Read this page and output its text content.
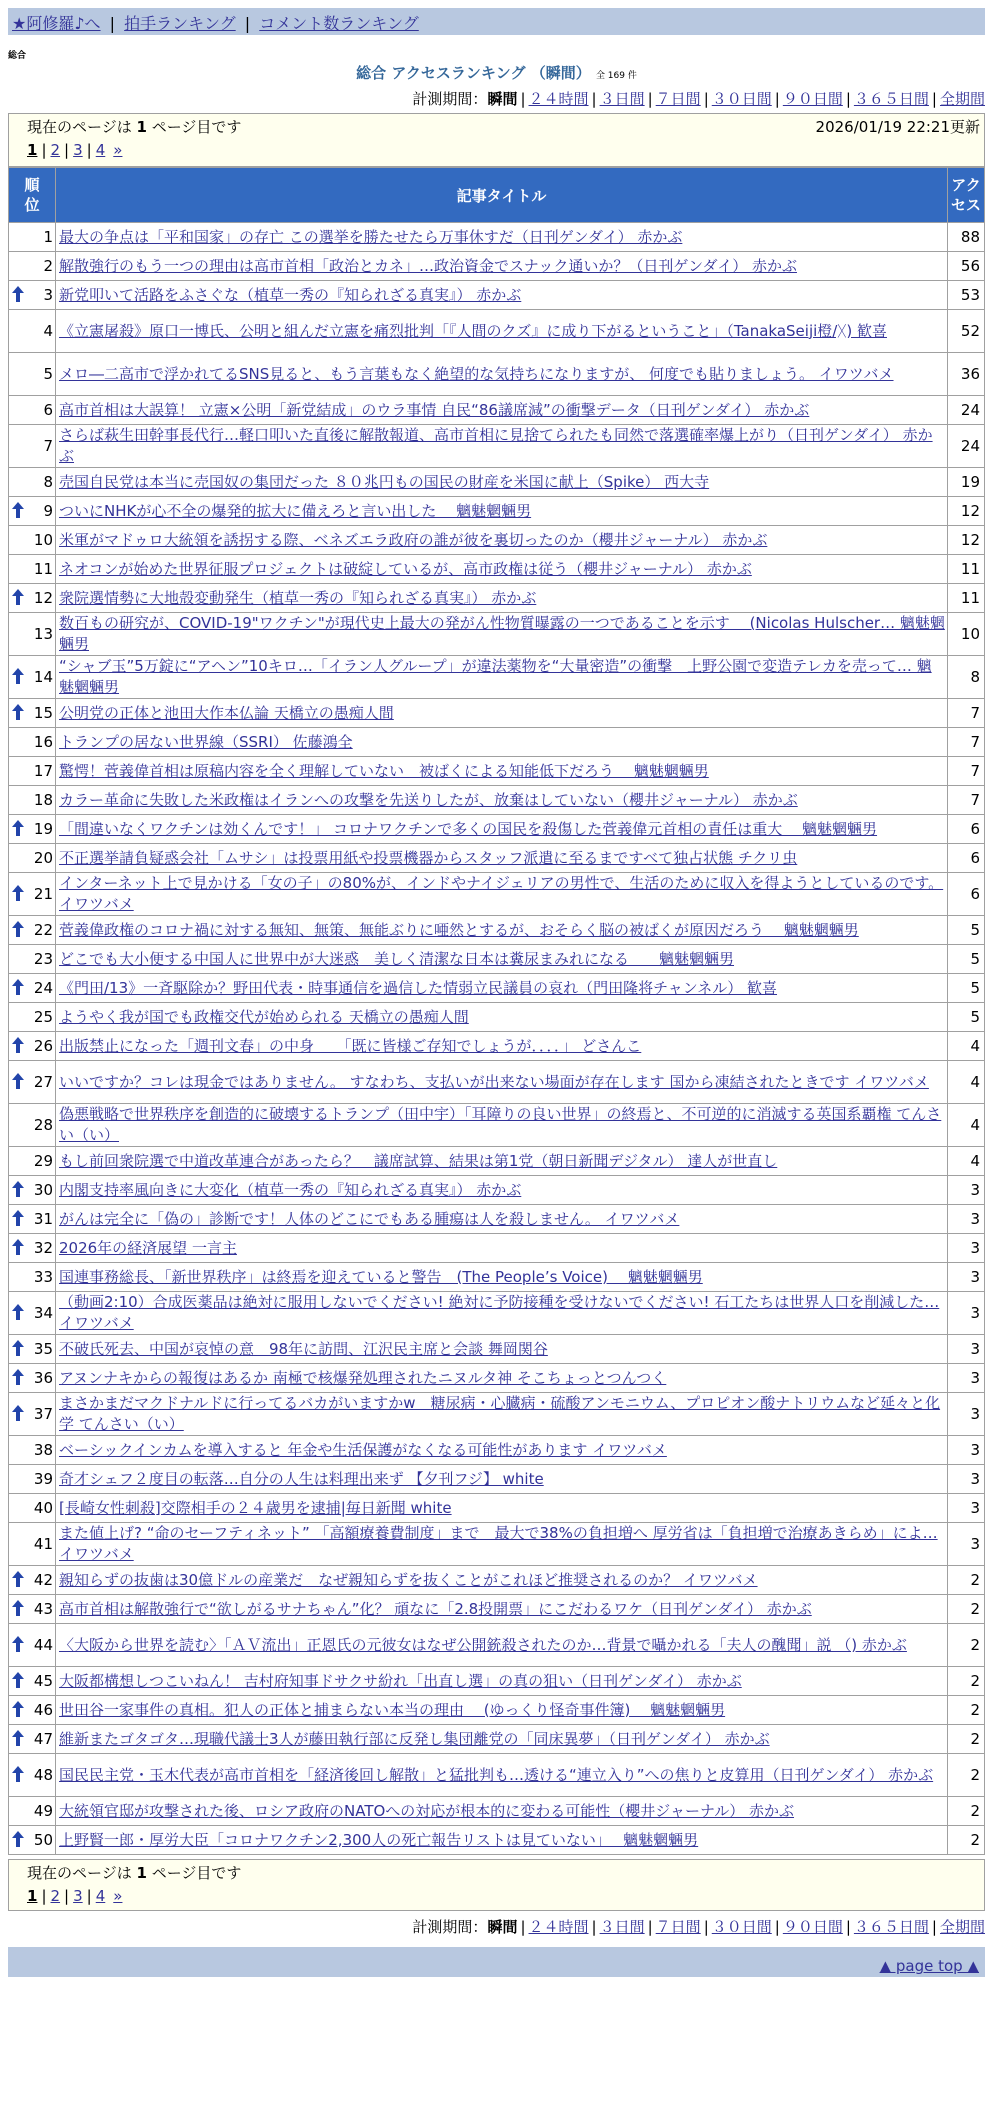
★阿修羅♪へ | 拍手ランキング | コメント数ランキング
総合
総合 アクセスランキング （瞬間） 全 169 件
計測期間：瞬間 | ２４時間 | ３日間 | ７日間 | ３０日間 | ９０日間 | ３６５日間 | 全期間
現在のページは 1 ページ目です	2026/01/19 22:21更新
1 | 2 | 3 | 4 »
順位	記事タイトル	アクセス
1	最大の争点は「平和国家」の存亡 この選挙を勝たせたら万事休すだ（日刊ゲンダイ） 赤かぶ	88
2	解散強行のもう一つの理由は高市首相「政治とカネ」…政治資金でスナック通いか？（日刊ゲンダイ） 赤かぶ	56

3	新党叩いて活路をふさぐな（植草一秀の『知られざる真実』） 赤かぶ	53
4	《立憲屠殺》原口一博氏、公明と組んだ立憲を痛烈批判「『人間のクズ』に成り下がるということ」（TanakaSeiji橙/ᚷ) 歓喜	52
5	メロ―二高市で浮かれてるSNS見ると、もう言葉もなく絶望的な気持ちになりますが、 何度でも貼りましょう。 イワツバメ	36
6	高市首相は大誤算！ 立憲×公明「新党結成」のウラ事情 自民“86議席減”の衝撃データ（日刊ゲンダイ） 赤かぶ	24
7	さらば萩生田幹事長代行…軽口叩いた直後に解散報道、高市首相に見捨てられたも同然で落選確率爆上がり（日刊ゲンダイ） 赤かぶ	24
8	売国自民党は本当に売国奴の集団だった ８０兆円もの国民の財産を米国に献上（Spike） 西大寺	19

9	ついにNHKが心不全の爆発的拡大に備えろと言い出した　 魑魅魍魎男	12
10	米軍がマドゥロ大統領を誘拐する際、ベネズエラ政府の誰が彼を裏切ったのか（櫻井ジャーナル） 赤かぶ	12
11	ネオコンが始めた世界征服プロジェクトは破綻しているが、高市政権は従う（櫻井ジャーナル） 赤かぶ	11

12	衆院選情勢に大地殻変動発生（植草一秀の『知られざる真実』） 赤かぶ	11
13	数百もの研究が、COVID-19"ワクチン"が現代史上最大の発がん性物質曝露の一つであることを示す　 (Nicolas Hulscher… 魑魅魍魎男	10

14	“シャブ玉”5万錠に“アヘン”10キロ…「イラン人グループ」が違法薬物を“大量密造”の衝撃　上野公園で変造テレカを売って… 魑魅魍魎男	8

15	公明党の正体と池田大作本仏論 天橋立の愚痴人間	7
16	トランプの居ない世界線（SSRI） 佐藤鴻全	7
17	驚愕！菅義偉首相は原稿内容を全く理解していない　被ばくによる知能低下だろう　 魑魅魍魎男	7
18	カラー革命に失敗した米政権はイランへの攻撃を先送りしたが、放棄はしていない（櫻井ジャーナル） 赤かぶ	7

19	「間違いなくワクチンは効くんです！」 コロナワクチンで多くの国民を殺傷した菅義偉元首相の責任は重大　 魑魅魍魎男	6
20	不正選挙請負疑惑会社「ムサシ」は投票用紙や投票機器からスタッフ派遣に至るまですべて独占状態 チクリ虫	6

21	インターネット上で見かける「女の子」の80%が、インドやナイジェリアの男性で、生活のために収入を得ようとしているのです。 イワツバメ	6

22	菅義偉政権のコロナ禍に対する無知、無策、無能ぶりに唖然とするが、おそらく脳の被ばくが原因だろう　 魑魅魍魎男	5
23	どこでも大小便する中国人に世界中が大迷惑　美しく清潔な日本は糞尿まみれになる　　魑魅魍魎男	5

24	《門田/13》一斉駆除か？野田代表・時事通信を過信した情弱立民議員の哀れ（門田隆将チャンネル） 歓喜	5
25	ようやく我が国でも政権交代が始められる 天橋立の愚痴人間	5

26	出版禁止になった「週刊文春」の中身　　「既に皆様ご存知でしょうが．．．．」 どさんこ	4

27	いいですか？コレは現金ではありません。 すなわち、支払いが出来ない場面が存在します 国から凍結されたときです イワツバメ	4
28	偽悪戦略で世界秩序を創造的に破壊するトランプ（田中宇）「耳障りの良い世界」の終焉と、不可逆的に消滅する英国系覇権 てんさい（い）	4
29	もし前回衆院選で中道改革連合があったら？　議席試算、結果は第1党（朝日新聞デジタル） 達人が世直し	4

30	内閣支持率風向きに大変化（植草一秀の『知られざる真実』） 赤かぶ	3

31	がんは完全に「偽の」診断です！人体のどこにでもある腫瘍は人を殺しません。 イワツバメ	3

32	2026年の経済展望 一言主	3
33	国連事務総長、「新世界秩序」は終焉を迎えていると警告　(The People’s Voice)　 魑魅魍魎男	3

34	（動画2:10）合成医薬品は絶対に服用しないでください! 絶対に予防接種を受けないでください! 石工たちは世界人口を削減した… イワツバメ	3

35	不破氏死去、中国が哀悼の意　98年に訪問、江沢民主席と会談 舞岡関谷	3

36	アヌンナキからの報復はあるか 南極で核爆発処理されたニヌルタ神 そこちょっとつんつく	3

37	まさかまだマクドナルドに行ってるバカがいますかw　糖尿病・心臓病・硫酸アンモニウム、プロピオン酸ナトリウムなど延々と化学 てんさい（い）	3
38	ベーシックインカムを導入すると 年金や生活保護がなくなる可能性があります イワツバメ	3
39	奇才シェフ２度目の転落…自分の人生は料理出来ず 【夕刊フジ】 white	3
40	[長崎女性刺殺]交際相手の２４歳男を逮捕|毎日新聞 white	3
41	また値上げ? “命のセーフティネット” 「高額療養費制度」まで　最大で38%の負担増へ 厚労省は「負担増で治療あきらめ」によ… イワツバメ	3

42	親知らずの抜歯は30億ドルの産業だ　なぜ親知らずを抜くことがこれほど推奨されるのか？ イワツバメ	2

43	高市首相は解散強行で“欲しがるサナちゃん”化？ 頑なに「2.8投開票」にこだわるワケ（日刊ゲンダイ） 赤かぶ	2

44	〈大阪から世界を読む〉「ＡＶ流出」正恩氏の元彼女はなぜ公開銃殺されたのか…背景で囁かれる「夫人の醜聞」説 （) 赤かぶ	2

45	大阪都構想しつこいねん！ 吉村府知事ドサクサ紛れ「出直し選」の真の狙い（日刊ゲンダイ） 赤かぶ	2

46	世田谷一家事件の真相。犯人の正体と捕まらない本当の理由　 (ゆっくり怪奇事件簿)　 魑魅魍魎男	2

47	維新またゴタゴタ…現職代議士3人が藤田執行部に反発し集団離党の「同床異夢」（日刊ゲンダイ） 赤かぶ	2

48	国民民主党・玉木代表が高市首相を「経済後回し解散」と猛批判も…透ける“連立入り”への焦りと皮算用（日刊ゲンダイ） 赤かぶ	2
49	大統領官邸が攻撃された後、ロシア政府のNATOへの対応が根本的に変わる可能性（櫻井ジャーナル） 赤かぶ	2

50	上野賢一郎・厚労大臣「コロナワクチン2,300人の死亡報告リストは見ていない」　 魑魅魍魎男	2
現在のページは 1 ページ目です
1 | 2 | 3 | 4 »
計測期間：瞬間 | ２４時間 | ３日間 | ７日間 | ３０日間 | ９０日間 | ３６５日間 | 全期間
▲ page top ▲
